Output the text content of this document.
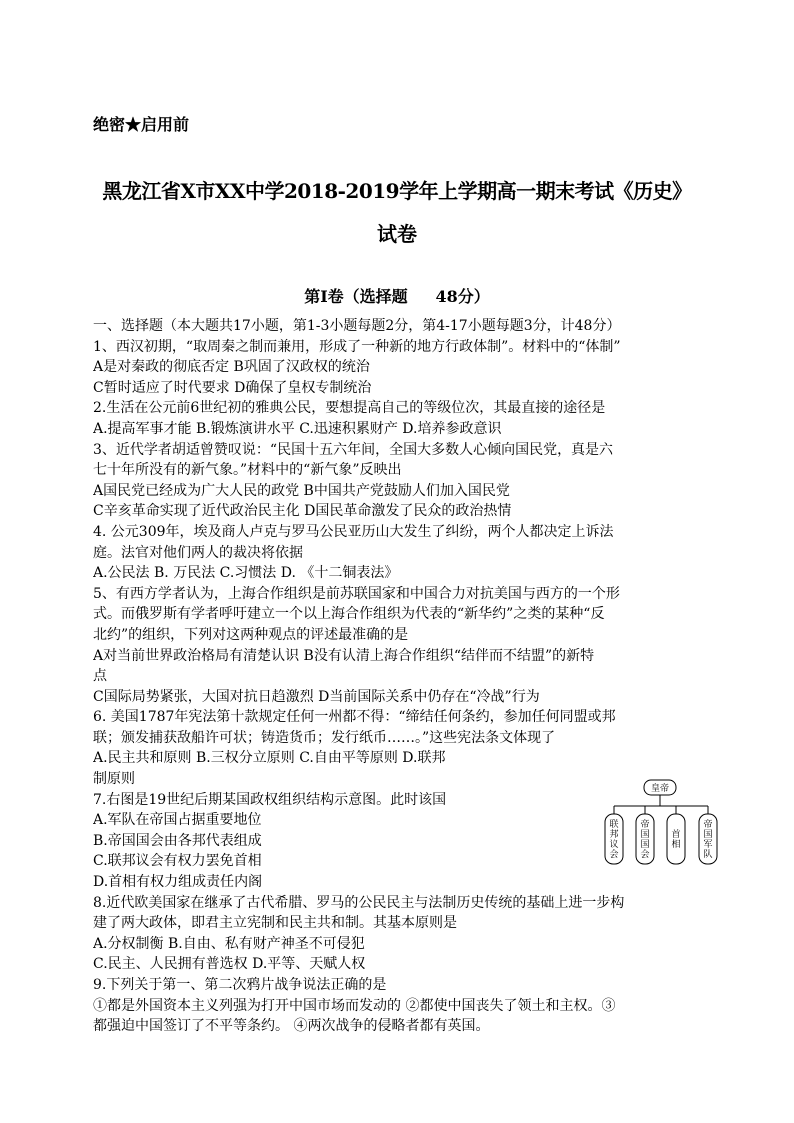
绝密★启用前
黑龙江省X市XX中学2018-2019学年上学期高一期末考试《历史》
试卷
第Ⅰ卷（选择题     48分）
一、选择题（本大题共17小题，第1-3小题每题2分，第4-17小题每题3分，计48分）
1、西汉初期，“取周秦之制而兼用，形成了一种新的地方行政体制”。材料中的“体制”
A是对秦政的彻底否定 B巩固了汉政权的统治
C暂时适应了时代要求 D确保了皇权专制统治
2.生活在公元前6世纪初的雅典公民，要想提高自己的等级位次，其最直接的途径是
A.提高军事才能 B.锻炼演讲水平 C.迅速积累财产 D.培养参政意识
3、近代学者胡适曾赞叹说：“民国十五六年间，全国大多数人心倾向国民党，真是六
七十年所没有的新气象。”材料中的“新气象”反映出
A国民党已经成为广大人民的政党 B中国共产党鼓励人们加入国民党
C辛亥革命实现了近代政治民主化 D国民革命激发了民众的政治热情
4. 公元309年，埃及商人卢克与罗马公民亚历山大发生了纠纷，两个人都决定上诉法
庭。法官对他们两人的裁决将依据
A.公民法 B. 万民法 C.习惯法 D. 《十二铜表法》
5、有西方学者认为，上海合作组织是前苏联国家和中国合力对抗美国与西方的一个形
式。而俄罗斯有学者呼吁建立一个以上海合作组织为代表的“新华约”之类的某种“反
北约”的组织，下列对这两种观点的评述最准确的是
A对当前世界政治格局有清楚认识 B没有认清上海合作组织“结伴而不结盟”的新特
点
C国际局势紧张，大国对抗日趋激烈 D当前国际关系中仍存在“冷战”行为
6. 美国1787年宪法第十款规定任何一州都不得：“缔结任何条约，参加任何同盟或邦
联；颁发捕获敌船许可状；铸造货币；发行纸币……。”这些宪法条文体现了
A.民主共和原则 B.三权分立原则 C.自由平等原则 D.联邦
制原则
7.右图是19世纪后期某国政权组织结构示意图。此时该国
A.军队在帝国占据重要地位
B.帝国国会由各邦代表组成
C.联邦议会有权力罢免首相
D.首相有权力组成责任内阁
8.近代欧美国家在继承了古代希腊、罗马的公民民主与法制历史传统的基础上进一步构
建了两大政体，即君主立宪制和民主共和制。其基本原则是
A.分权制衡 B.自由、私有财产神圣不可侵犯
C.民主、人民拥有普选权 D.平等、天赋人权
9.下列关于第一、第二次鸦片战争说法正确的是
①都是外国资本主义列强为打开中国市场而发动的 ②都使中国丧失了领土和主权。③
都强迫中国签订了不平等条约。 ④两次战争的侵略者都有英国。
皇帝
联邦议会
帝国国会
首相
帝国军队
